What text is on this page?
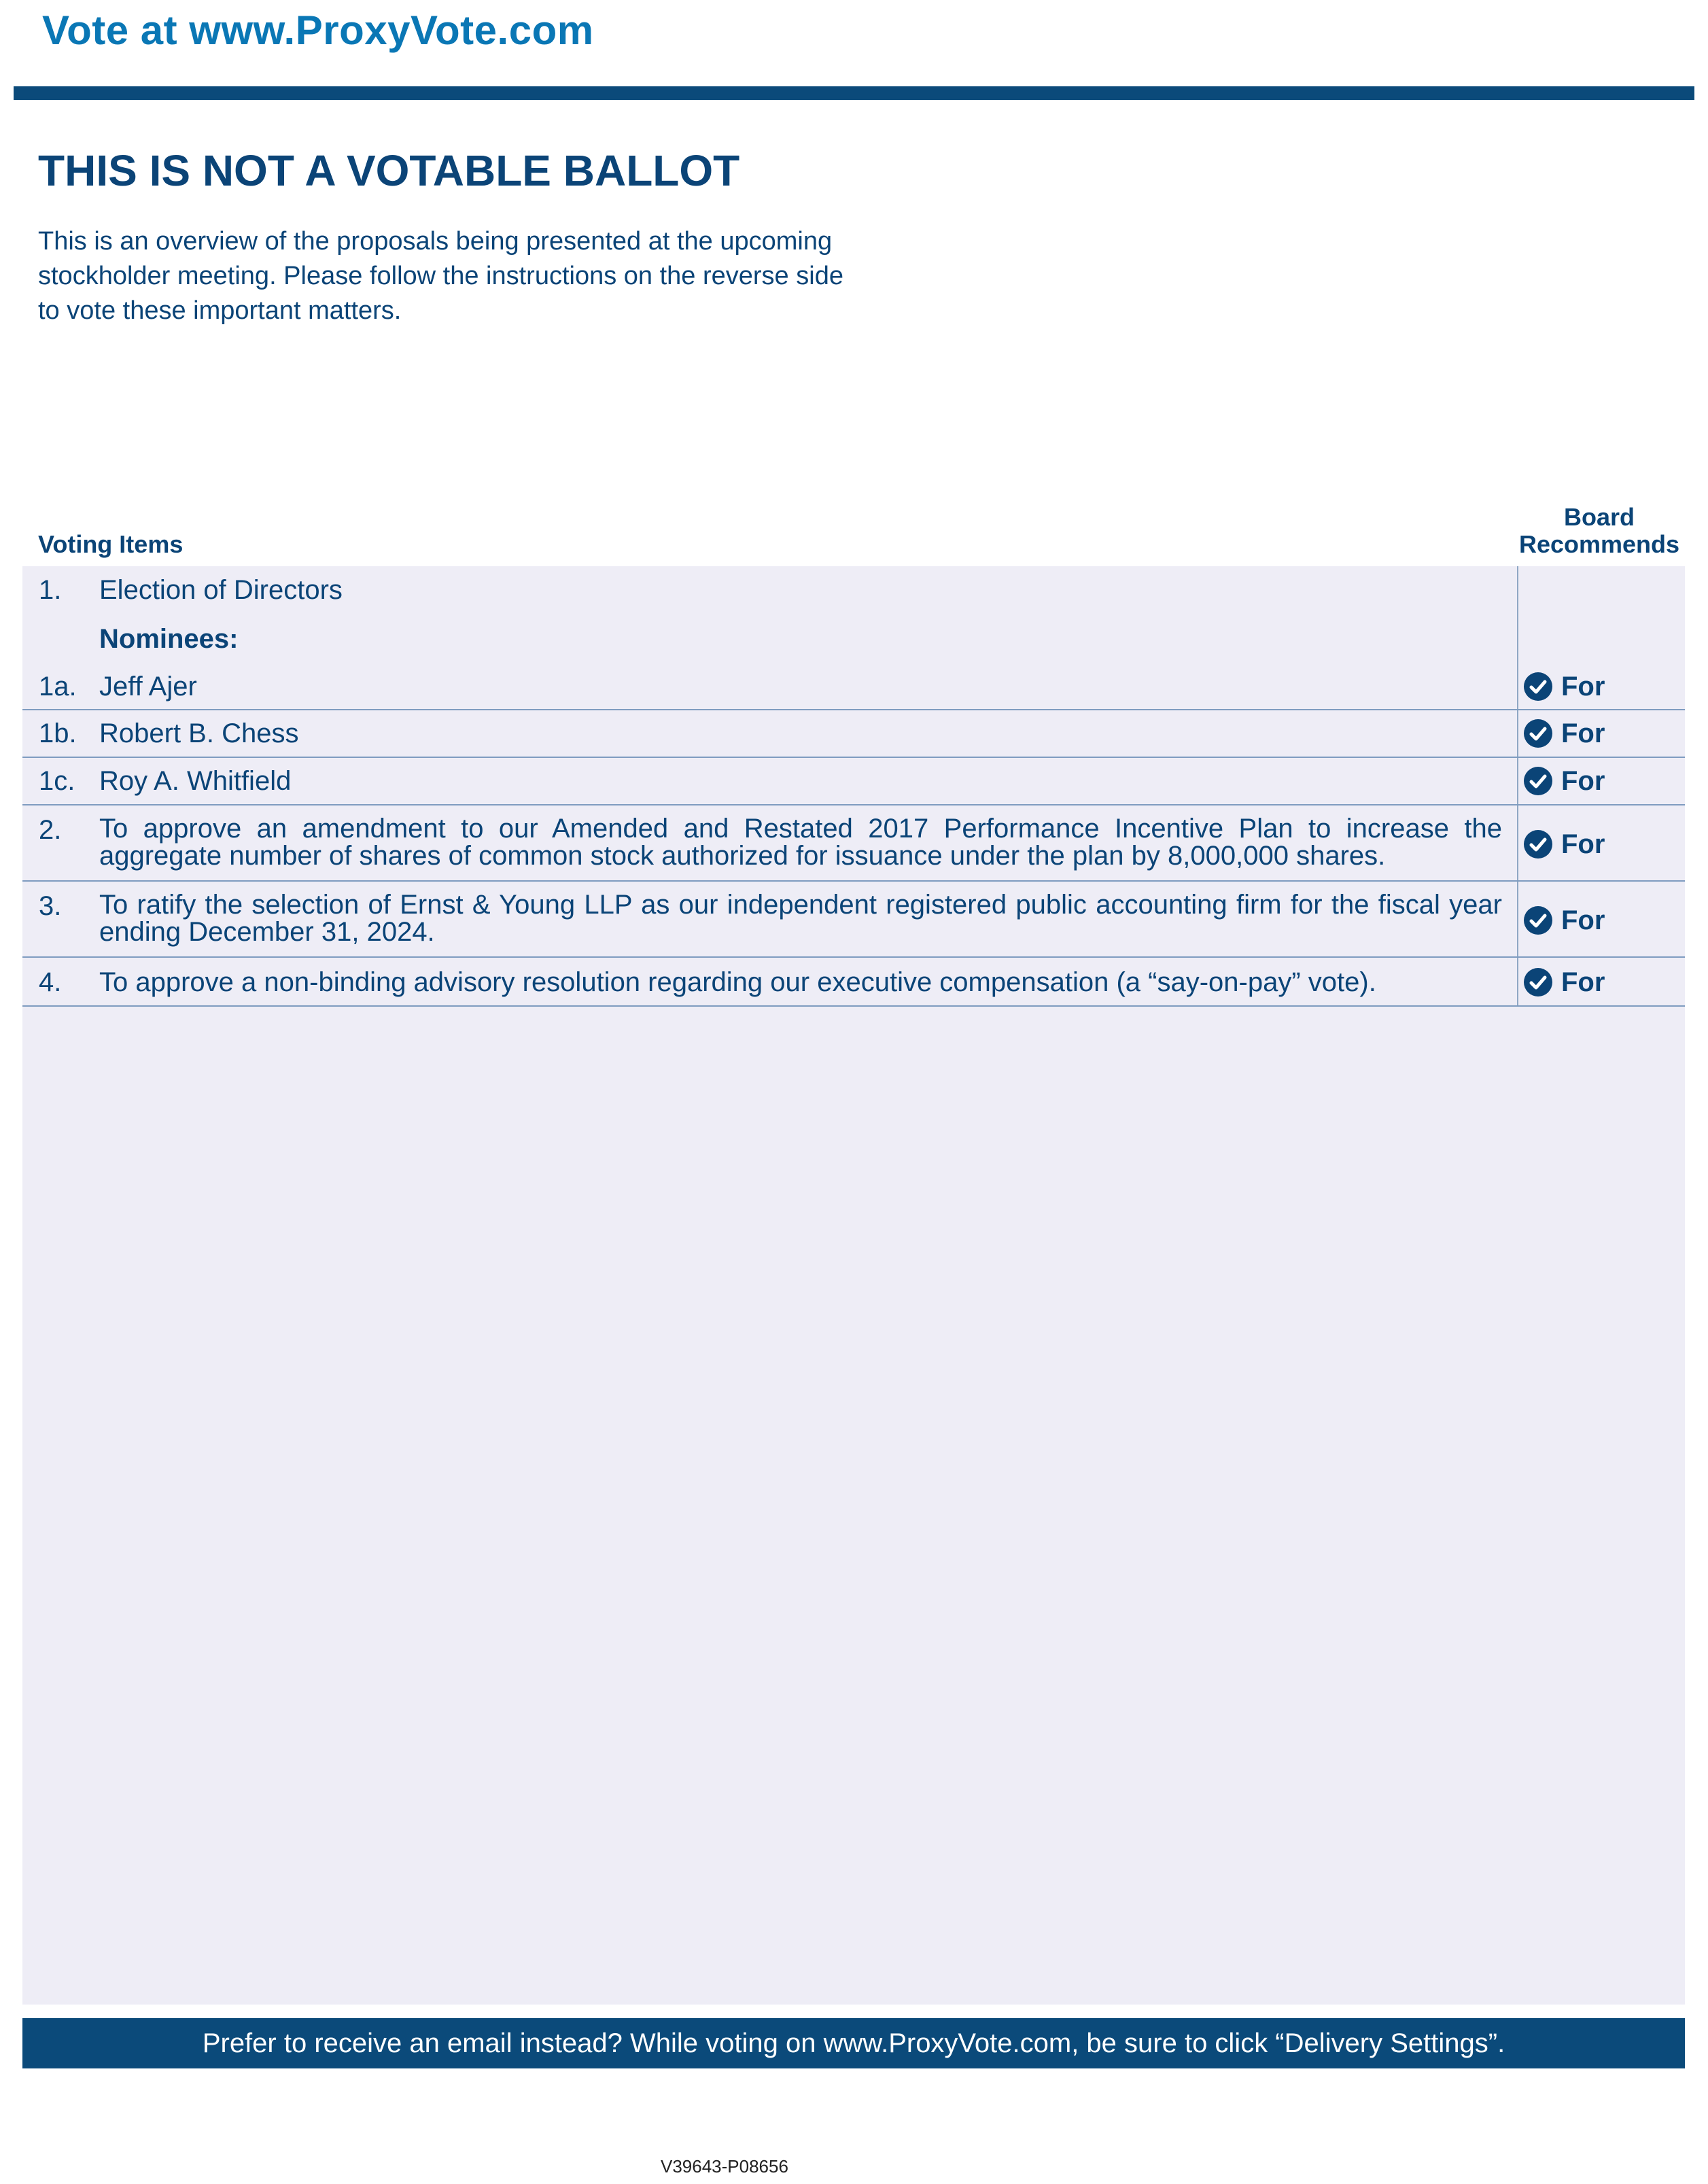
Vote at www.ProxyVote.com
THIS IS NOT A VOTABLE BALLOT
This is an overview of the proposals being presented at the upcoming stockholder meeting. Please follow the instructions on the reverse side to vote these important matters.
Voting Items
Board Recommends
1. Election of Directors
Nominees:
1a. Jeff Ajer	For
1b. Robert B. Chess	For
1c. Roy A. Whitfield	For
2. To approve an amendment to our Amended and Restated 2017 Performance Incentive Plan to increase the aggregate number of shares of common stock authorized for issuance under the plan by 8,000,000 shares.	For
3. To ratify the selection of Ernst & Young LLP as our independent registered public accounting firm for the fiscal year ending December 31, 2024.	For
4. To approve a non-binding advisory resolution regarding our executive compensation (a “say-on-pay” vote).	For
Prefer to receive an email instead? While voting on www.ProxyVote.com, be sure to click “Delivery Settings”.
V39643-P08656
